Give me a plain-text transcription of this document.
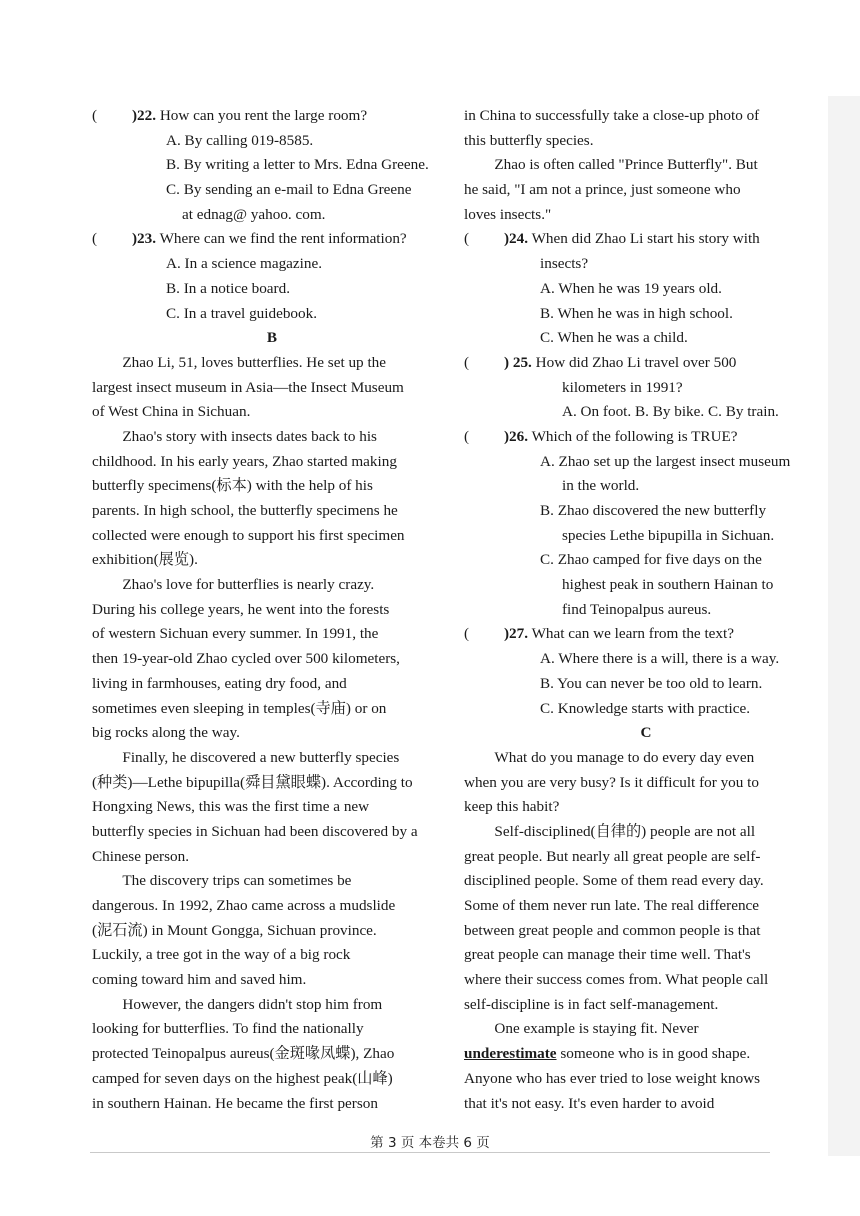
( )22. How can you rent the large room?
A. By calling 019-8585.
B. By writing a letter to Mrs. Edna Greene.
C. By sending an e-mail to Edna Greene
at ednag@ yahoo. com.
( )23. Where can we find the rent information?
A. In a science magazine.
B. In a notice board.
C. In a travel guidebook.
B
Zhao Li, 51, loves butterflies. He set up the
largest insect museum in Asia—the Insect Museum
of West China in Sichuan.
Zhao's story with insects dates back to his
childhood. In his early years, Zhao started making
butterfly specimens(标本) with the help of his
parents. In high school, the butterfly specimens he
collected were enough to support his first specimen
exhibition(展览).
Zhao's love for butterflies is nearly crazy.
During his college years, he went into the forests
of western Sichuan every summer. In 1991, the
then 19-year-old Zhao cycled over 500 kilometers,
living in farmhouses, eating dry food, and
sometimes even sleeping in temples(寺庙) or on
big rocks along the way.
Finally, he discovered a new butterfly species
(种类)—Lethe bipupilla(舜目黛眼蝶). According to
Hongxing News, this was the first time a new
butterfly species in Sichuan had been discovered by a
Chinese person.
The discovery trips can sometimes be
dangerous. In 1992, Zhao came across a mudslide
(泥石流) in Mount Gongga, Sichuan province.
Luckily, a tree got in the way of a big rock
coming toward him and saved him.
However, the dangers didn't stop him from
looking for butterflies. To find the nationally
protected Teinopalpus aureus(金斑喙凤蝶), Zhao
camped for seven days on the highest peak(山峰)
in southern Hainan. He became the first person
in China to successfully take a close-up photo of
this butterfly species.
Zhao is often called "Prince Butterfly". But
he said, "I am not a prince, just someone who
loves insects."
( )24. When did Zhao Li start his story with
insects?
A. When he was 19 years old.
B. When he was in high school.
C. When he was a child.
( ) 25. How did Zhao Li travel over 500
kilometers in 1991?
A. On foot. B. By bike. C. By train.
( )26. Which of the following is TRUE?
A. Zhao set up the largest insect museum
in the world.
B. Zhao discovered the new butterfly
species Lethe bipupilla in Sichuan.
C. Zhao camped for five days on the
highest peak in southern Hainan to
find Teinopalpus aureus.
( )27. What can we learn from the text?
A. Where there is a will, there is a way.
B. You can never be too old to learn.
C. Knowledge starts with practice.
C
What do you manage to do every day even
when you are very busy? Is it difficult for you to
keep this habit?
Self-disciplined(自律的) people are not all
great people. But nearly all great people are self-
disciplined people. Some of them read every day.
Some of them never run late. The real difference
between great people and common people is that
great people can manage their time well. That's
where their success comes from. What people call
self-discipline is in fact self-management.
One example is staying fit. Never
underestimate someone who is in good shape.
Anyone who has ever tried to lose weight knows
that it's not easy. It's even harder to avoid
第 3 页 本卷共 6 页
